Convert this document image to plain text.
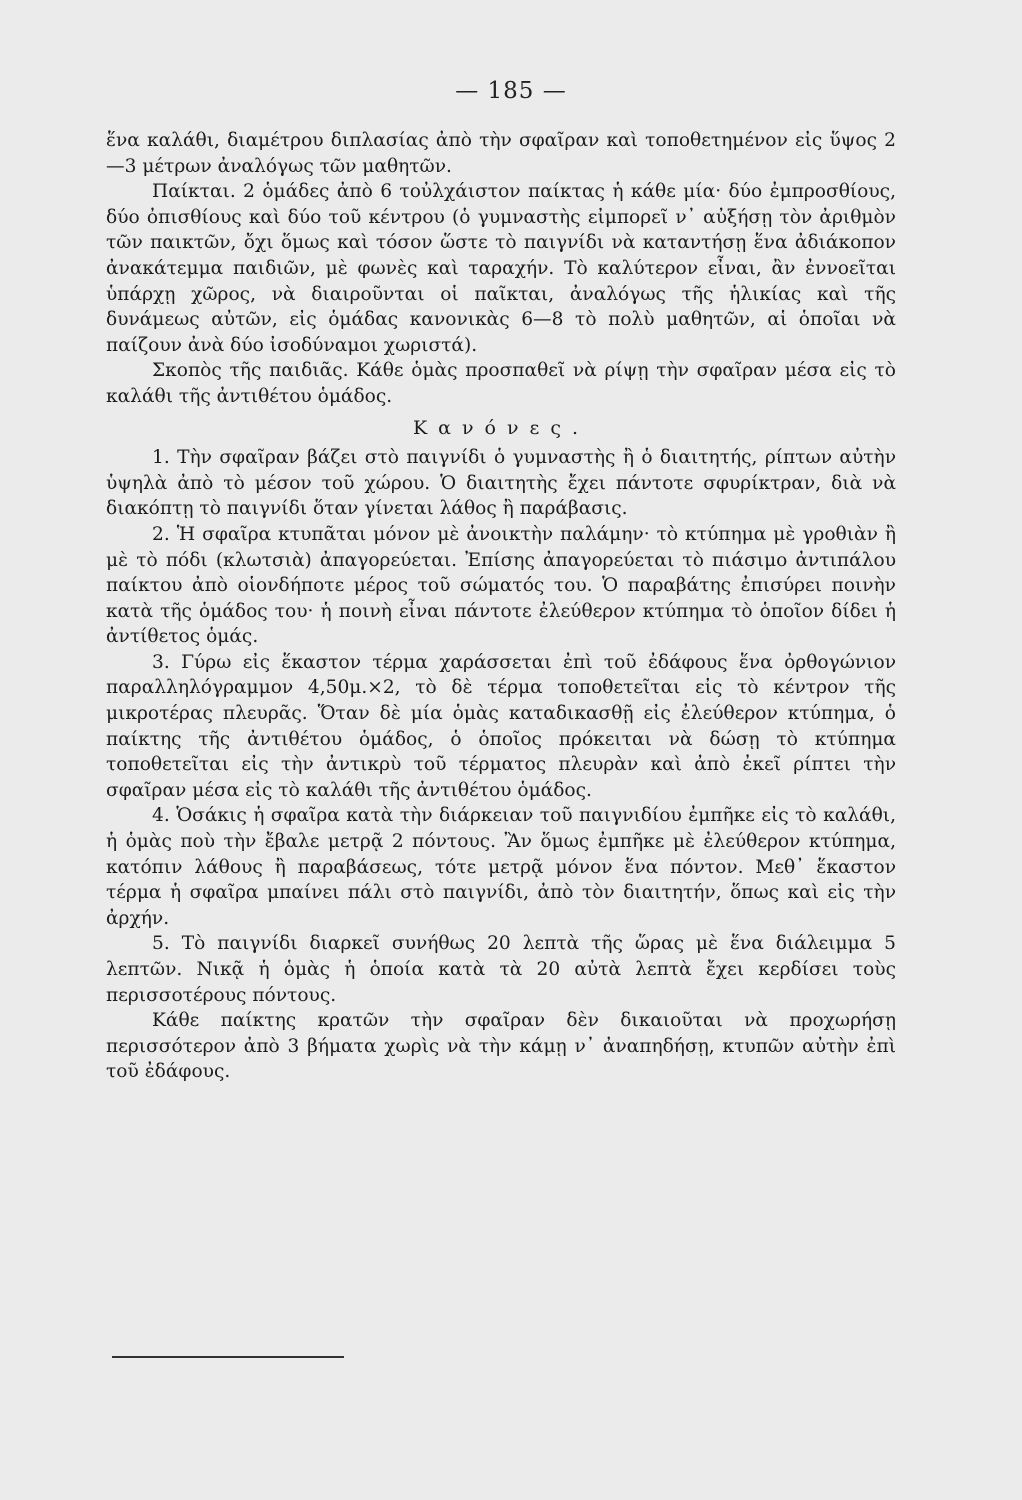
— 185 —

ἕνα καλάθι, διαμέτρου διπλασίας ἀπὸ τὴν σφαῖραν καὶ τοποθετημένον εἰς ὕψος 2—3 μέτρων ἀναλόγως τῶν μαθητῶν.

Παίκται. 2 ὁμάδες ἀπὸ 6 τοὐλχάιστον παίκτας ἡ κάθε μία· δύο ἐμπροσθίους, δύο ὀπισθίους καὶ δύο τοῦ κέντρου (ὁ γυμναστὴς εἰμπορεῖ ν᾽ αὐξήσῃ τὸν ἀριθμὸν τῶν παικτῶν, ὄχι ὅμως καὶ τόσον ὥστε τὸ παιγνίδι νὰ καταντήσῃ ἕνα ἀδιάκοπον ἀνακάτεμμα παιδιῶν, μὲ φωνὲς καὶ ταραχήν. Τὸ καλύτερον εἶναι, ἂν ἐννοεῖται ὑπάρχῃ χῶρος, νὰ διαιροῦνται οἱ παῖκται, ἀναλόγως τῆς ἡλικίας καὶ τῆς δυνάμεως αὐτῶν, εἰς ὁμάδας κανονικὰς 6—8 τὸ πολὺ μαθητῶν, αἱ ὁποῖαι νὰ παίζουν ἀνὰ δύο ἰσοδύναμοι χωριστά).

Σκοπὸς τῆς παιδιᾶς. Κάθε ὁμὰς προσπαθεῖ νὰ ρίψῃ τὴν σφαῖραν μέσα εἰς τὸ καλάθι τῆς ἀντιθέτου ὁμάδος.

Κανόνες.

1. Τὴν σφαῖραν βάζει στὸ παιγνίδι ὁ γυμναστὴς ἢ ὁ διαιτητής, ρίπτων αὐτὴν ὑψηλὰ ἀπὸ τὸ μέσον τοῦ χώρου. Ὁ διαιτητὴς ἔχει πάντοτε σφυρίκτραν, διὰ νὰ διακόπτῃ τὸ παιγνίδι ὅταν γίνεται λάθος ἢ παράβασις.

2. Ἡ σφαῖρα κτυπᾶται μόνον μὲ ἀνοικτὴν παλάμην· τὸ κτύπημα μὲ γροθιὰν ἢ μὲ τὸ πόδι (κλωτσιὰ) ἀπαγορεύεται. Ἐπίσης ἀπαγορεύεται τὸ πιάσιμο ἀντιπάλου παίκτου ἀπὸ οἱονδήποτε μέρος τοῦ σώματός του. Ὁ παραβάτης ἐπισύρει ποινὴν κατὰ τῆς ὁμάδος του· ἡ ποινὴ εἶναι πάντοτε ἐλεύθερον κτύπημα τὸ ὁποῖον δίδει ἡ ἀντίθετος ὁμάς.

3. Γύρω εἰς ἕκαστον τέρμα χαράσσεται ἐπὶ τοῦ ἐδάφους ἕνα ὀρθογώνιον παραλληλόγραμμον 4,50μ.×2, τὸ δὲ τέρμα τοποθετεῖται εἰς τὸ κέντρον τῆς μικροτέρας πλευρᾶς. Ὅταν δὲ μία ὁμὰς καταδικασθῇ εἰς ἐλεύθερον κτύπημα, ὁ παίκτης τῆς ἀντιθέτου ὁμάδος, ὁ ὁποῖος πρόκειται νὰ δώσῃ τὸ κτύπημα τοποθετεῖται εἰς τὴν ἀντικρὺ τοῦ τέρματος πλευρὰν καὶ ἀπὸ ἐκεῖ ρίπτει τὴν σφαῖραν μέσα εἰς τὸ καλάθι τῆς ἀντιθέτου ὁμάδος.

4. Ὁσάκις ἡ σφαῖρα κατὰ τὴν διάρκειαν τοῦ παιγνιδίου ἐμπῆκε εἰς τὸ καλάθι, ἡ ὁμὰς ποὺ τὴν ἔβαλε μετρᾷ 2 πόντους. Ἂν ὅμως ἐμπῆκε μὲ ἐλεύθερον κτύπημα, κατόπιν λάθους ἢ παραβάσεως, τότε μετρᾷ μόνον ἕνα πόντον. Μεθ᾽ ἕκαστον τέρμα ἡ σφαῖρα μπαίνει πάλι στὸ παιγνίδι, ἀπὸ τὸν διαιτητήν, ὅπως καὶ εἰς τὴν ἀρχήν.

5. Τὸ παιγνίδι διαρκεῖ συνήθως 20 λεπτὰ τῆς ὥρας μὲ ἕνα διάλειμμα 5 λεπτῶν. Νικᾷ ἡ ὁμὰς ἡ ὁποία κατὰ τὰ 20 αὐτὰ λεπτὰ ἔχει κερδίσει τοὺς περισσοτέρους πόντους.

Κάθε παίκτης κρατῶν τὴν σφαῖραν δὲν δικαιοῦται νὰ προχωρήσῃ περισσότερον ἀπὸ 3 βήματα χωρὶς νὰ τὴν κάμῃ ν᾽ ἀναπηδήσῃ, κτυπῶν αὐτὴν ἐπὶ τοῦ ἐδάφους.
